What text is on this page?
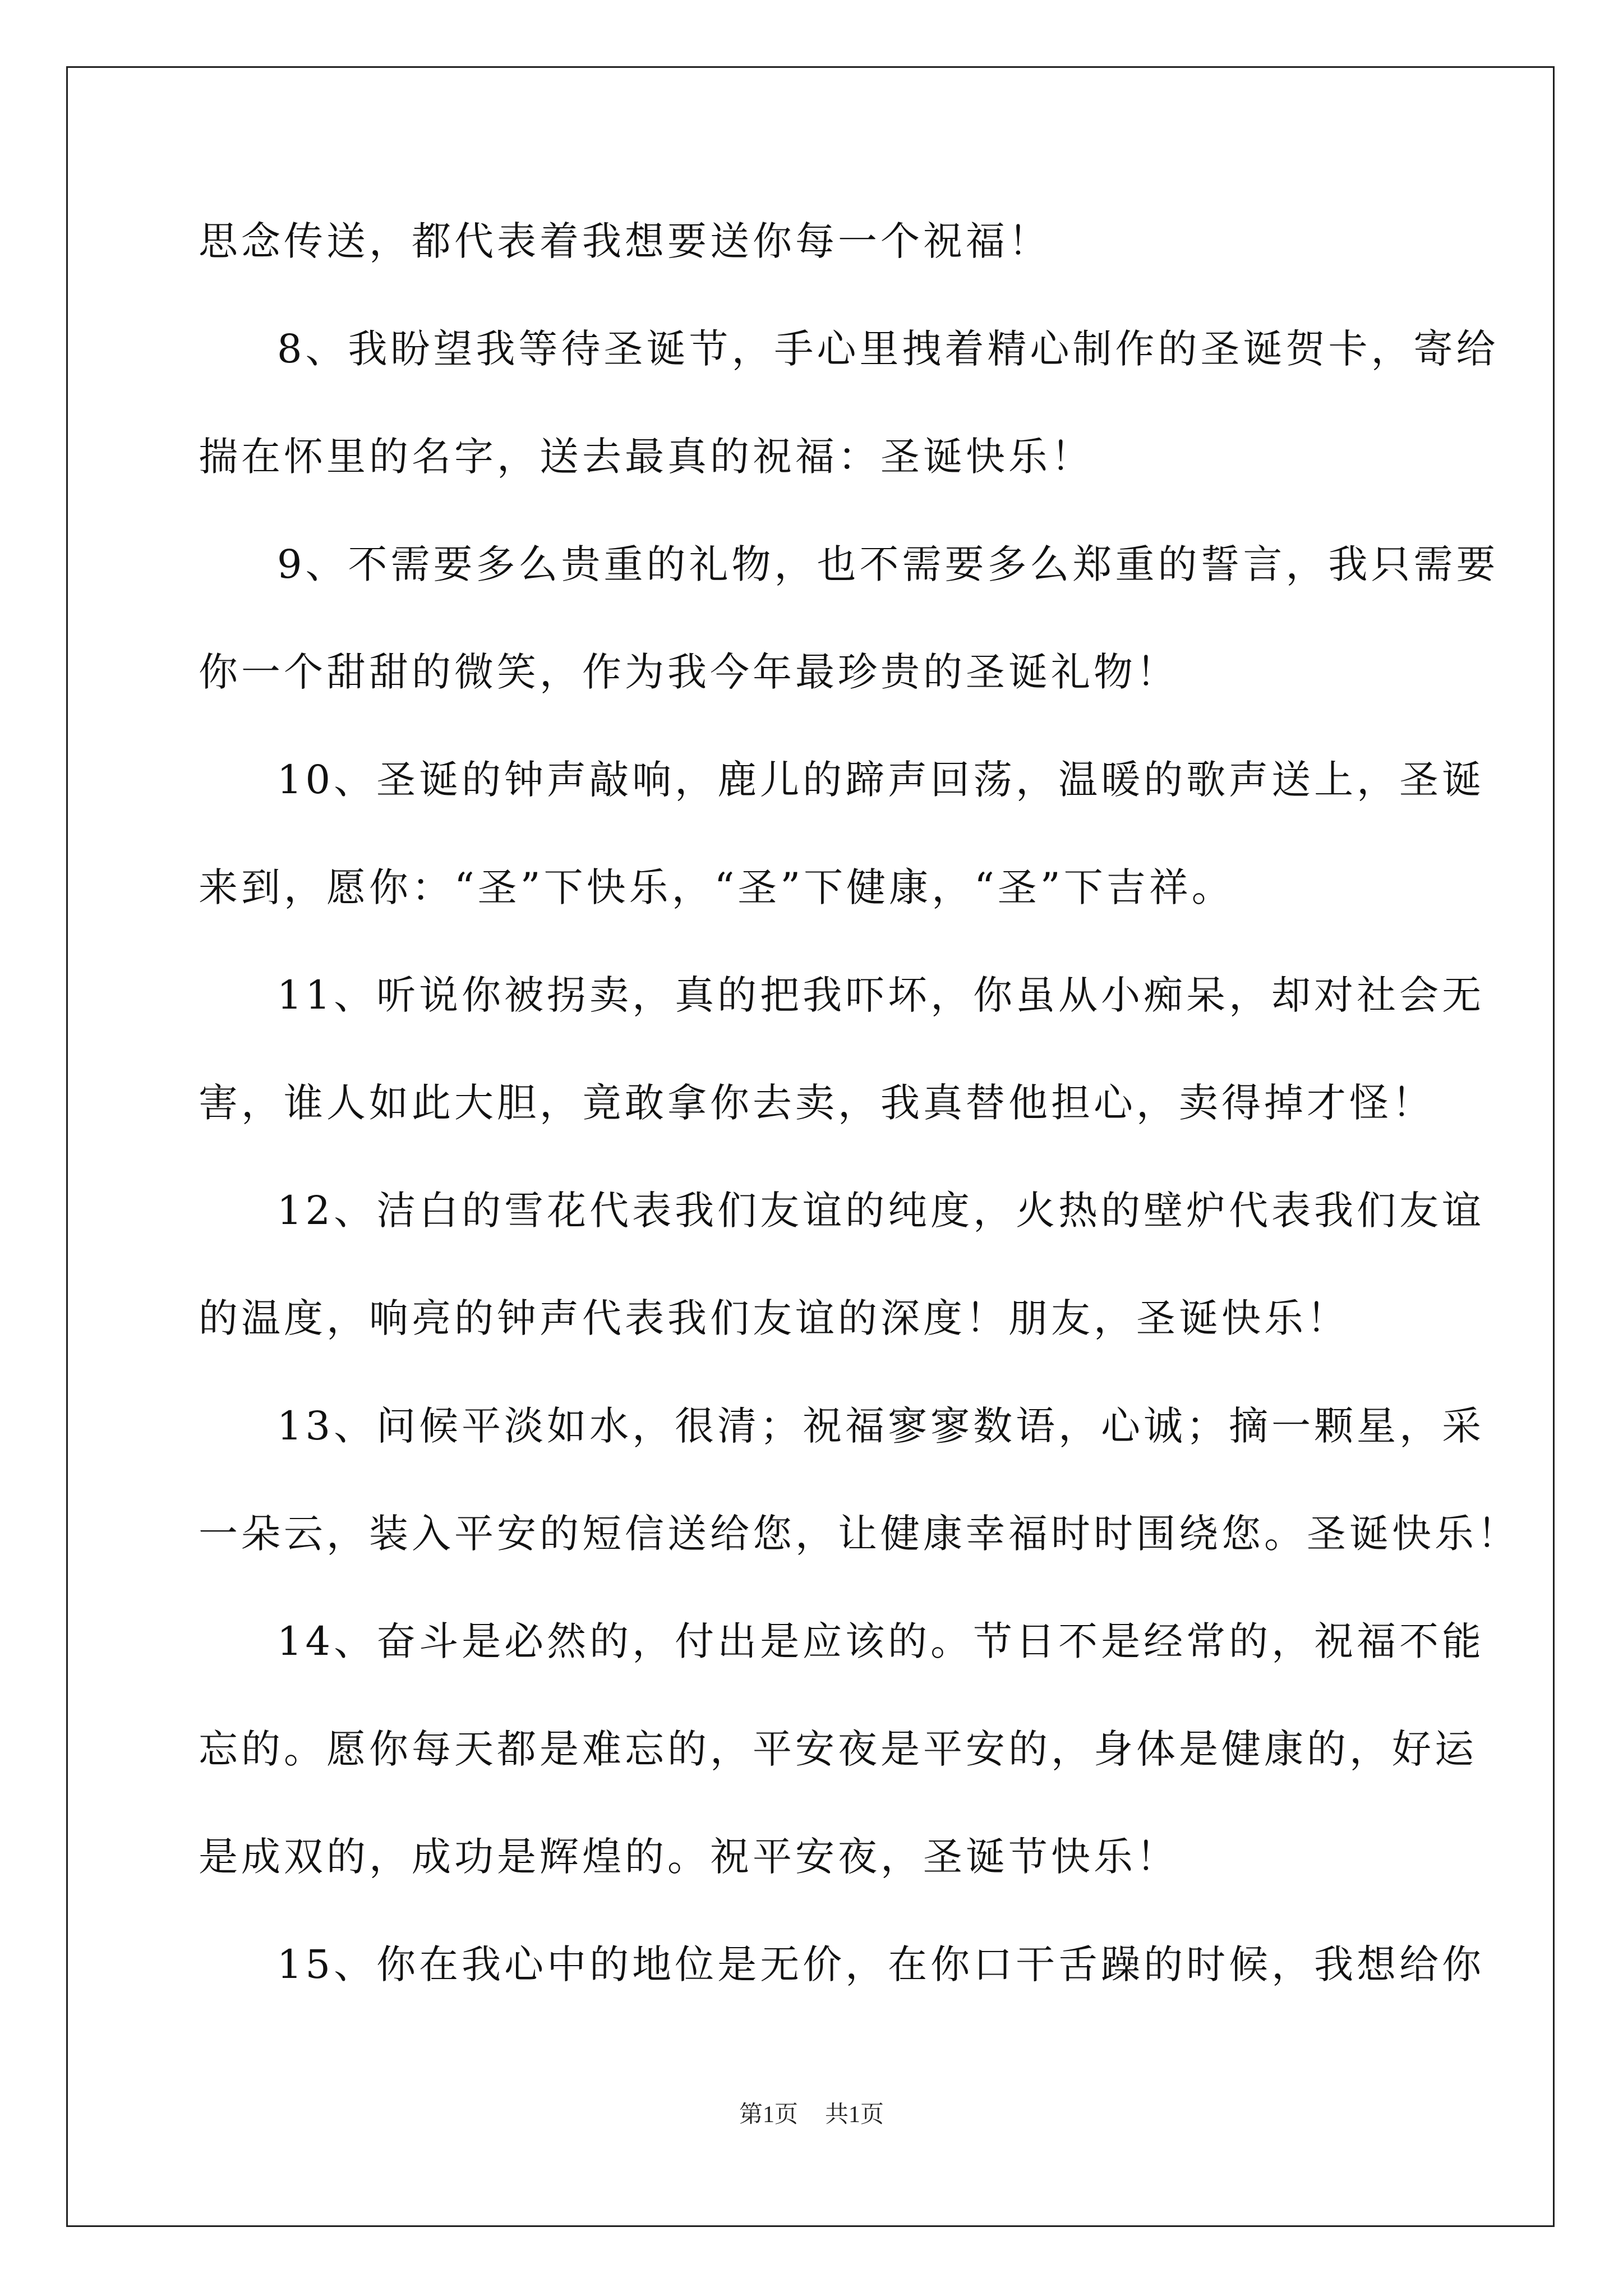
思念传送，都代表着我想要送你每一个祝福！
8、我盼望我等待圣诞节，手心里拽着精心制作的圣诞贺卡，寄给
揣在怀里的名字，送去最真的祝福：圣诞快乐！
9、不需要多么贵重的礼物，也不需要多么郑重的誓言，我只需要
你一个甜甜的微笑，作为我今年最珍贵的圣诞礼物！
10、圣诞的钟声敲响，鹿儿的蹄声回荡，温暖的歌声送上，圣诞
来到，愿你：“圣”下快乐，“圣”下健康，“圣”下吉祥。
11、听说你被拐卖，真的把我吓坏，你虽从小痴呆，却对社会无
害，谁人如此大胆，竟敢拿你去卖，我真替他担心，卖得掉才怪！
12、洁白的雪花代表我们友谊的纯度，火热的壁炉代表我们友谊
的温度，响亮的钟声代表我们友谊的深度！朋友，圣诞快乐！
13、问候平淡如水，很清；祝福寥寥数语，心诚；摘一颗星，采
一朵云，装入平安的短信送给您，让健康幸福时时围绕您。圣诞快乐！
14、奋斗是必然的，付出是应该的。节日不是经常的，祝福不能
忘的。愿你每天都是难忘的，平安夜是平安的，身体是健康的，好运
是成双的，成功是辉煌的。祝平安夜，圣诞节快乐！
15、你在我心中的地位是无价，在你口干舌躁的时候，我想给你
第1页 共1页
